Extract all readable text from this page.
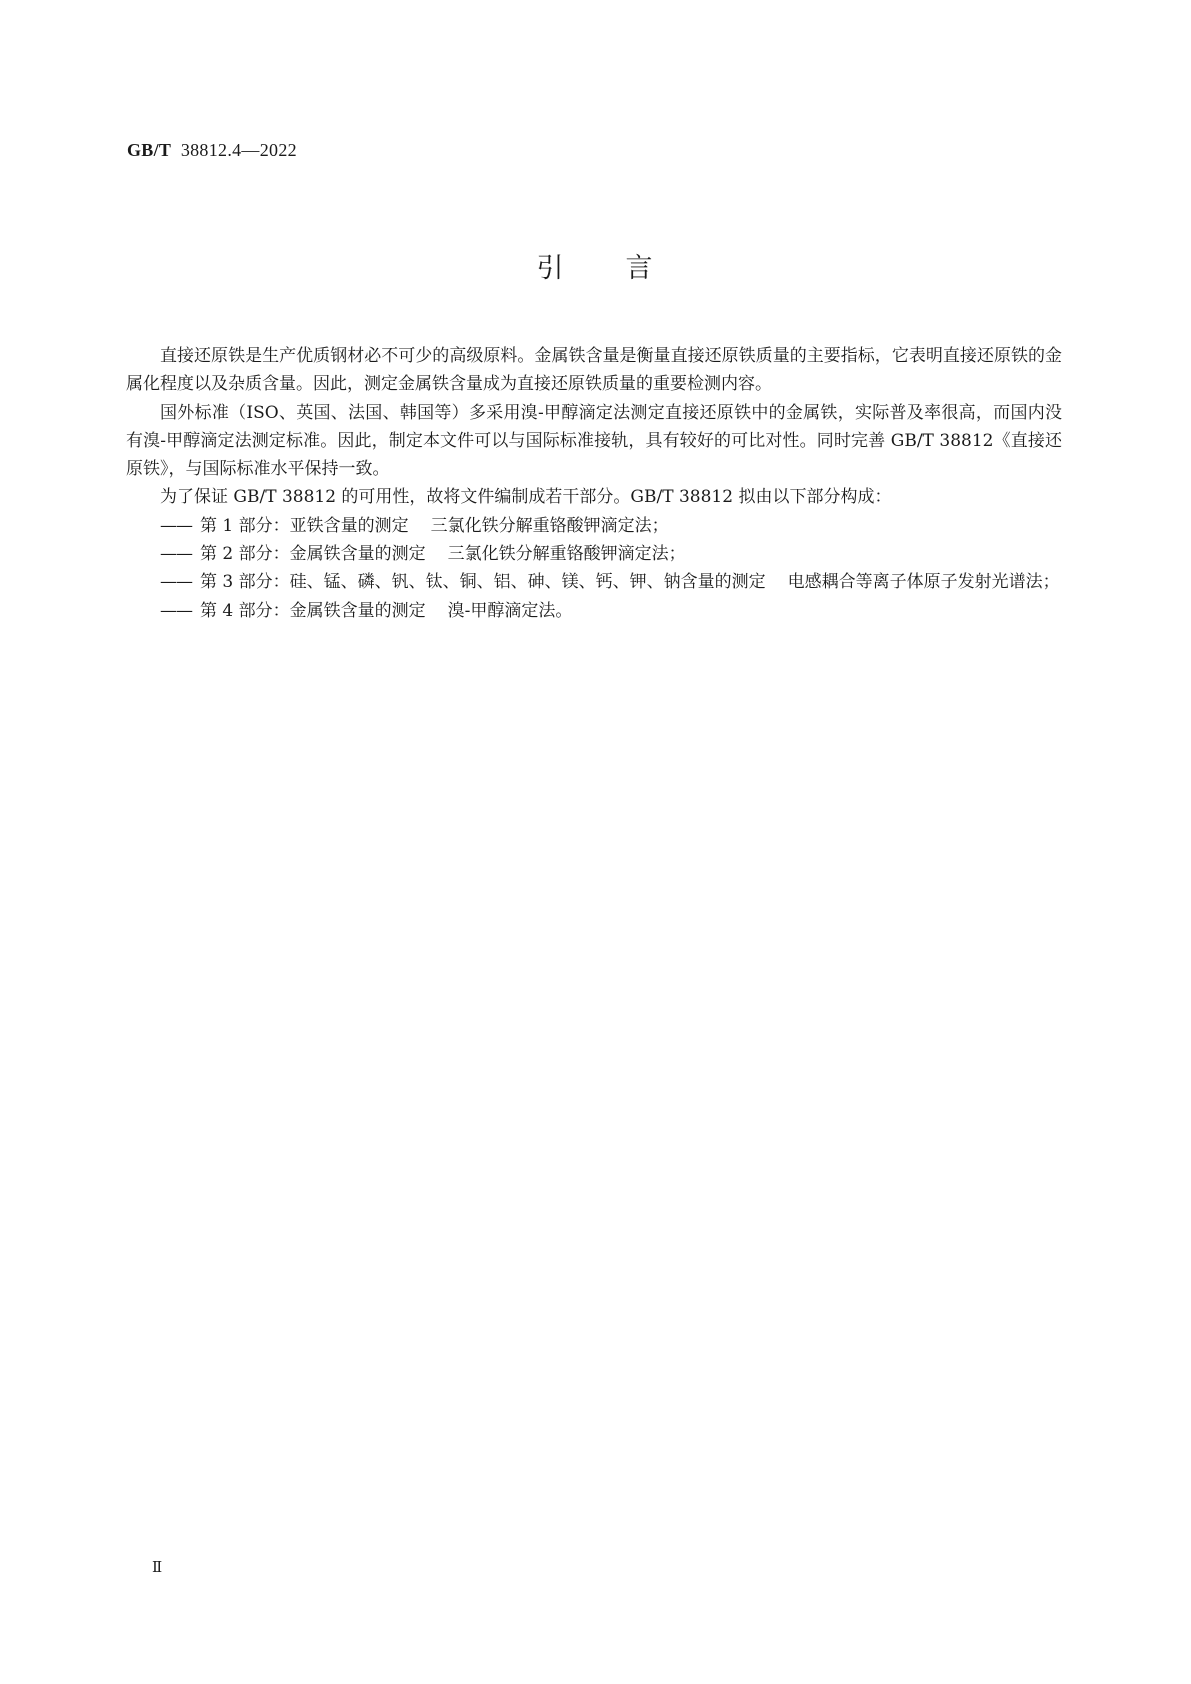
GB/T 38812.4—2022
引 言

直接还原铁是生产优质钢材必不可少的高级原料。金属铁含量是衡量直接还原铁质量的主要指标，它表明直接还原铁的金属化程度以及杂质含量。因此，测定金属铁含量成为直接还原铁质量的重要检测内容。

国外标准（ISO、英国、法国、韩国等）多采用溴-甲醇滴定法测定直接还原铁中的金属铁，实际普及率很高，而国内没有溴-甲醇滴定法测定标准。因此，制定本文件可以与国际标准接轨，具有较好的可比对性。同时完善 GB/T 38812《直接还原铁》，与国际标准水平保持一致。

为了保证 GB/T 38812 的可用性，故将文件编制成若干部分。GB/T 38812 拟由以下部分构成：

—— 第 1 部分：亚铁含量的测定 三氯化铁分解重铬酸钾滴定法；
—— 第 2 部分：金属铁含量的测定 三氯化铁分解重铬酸钾滴定法；
—— 第 3 部分：硅、锰、磷、钒、钛、铜、铝、砷、镁、钙、钾、钠含量的测定 电感耦合等离子体原子发射光谱法；
—— 第 4 部分：金属铁含量的测定 溴-甲醇滴定法。
Ⅱ
